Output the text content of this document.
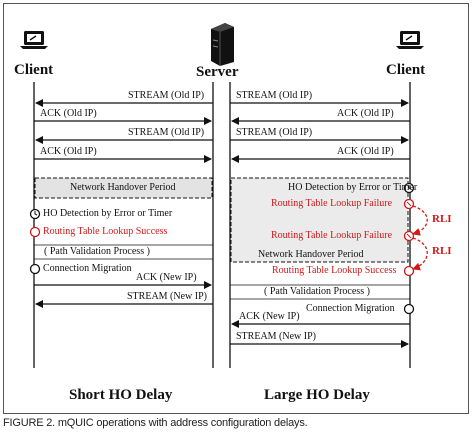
Client	Server	Client
STREAM (Old IP)
ACK (Old IP)
STREAM (Old IP)
ACK (Old IP)
STREAM (Old IP)
ACK (Old IP)
STREAM (Old IP)
ACK (Old IP)
Network Handover Period
HO Detection by Error or Timer
Routing Table Lookup Success
( Path Validation Process )
Connection Migration
ACK (New IP)
STREAM (New IP)
HO Detection by Error or Timer
Routing Table Lookup Failure
Routing Table Lookup Failure
Network Handover Period
Routing Table Lookup Success
RLI
RLI
( Path Validation Process )
Connection Migration
ACK (New IP)
STREAM (New IP)
Short HO Delay	Large HO Delay
FIGURE 2. mQUIC operations with address configuration delays.
